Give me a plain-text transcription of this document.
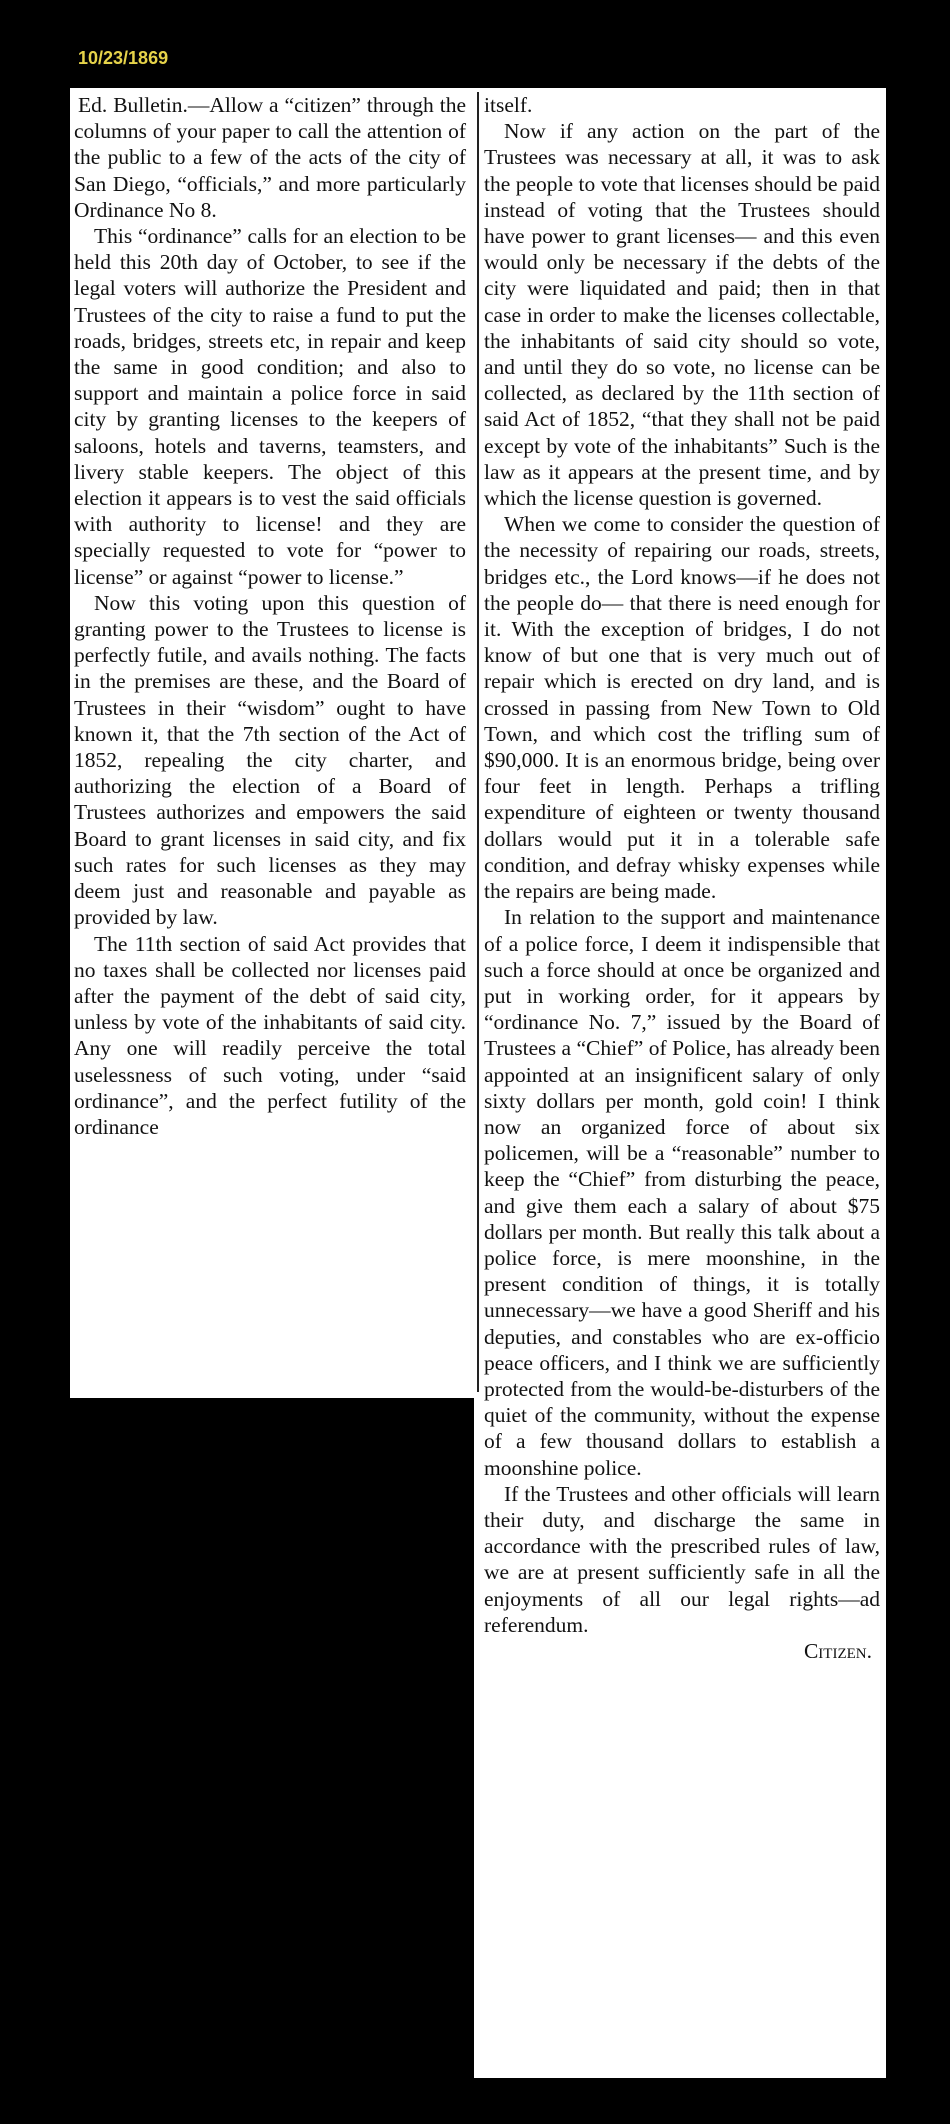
10/23/1869

Ed. Bulletin.—Allow a “citizen” through the columns of your paper to call the attention of the public to a few of the acts of the city of San Diego, “officials,” and more particularly Ordinance No 8.

This “ordinance” calls for an election to be held this 20th day of October, to see if the legal voters will authorize the President and Trustees of the city to raise a fund to put the roads, bridges, streets etc, in repair and keep the same in good condition; and also to support and maintain a police force in said city by granting licenses to the keepers of saloons, hotels and taverns, teamsters, and livery stable keepers. The object of this election it appears is to vest the said officials with authority to license! and they are specially requested to vote for “power to license” or against “power to license.”

Now this voting upon this question of granting power to the Trustees to license is perfectly futile, and avails nothing. The facts in the premises are these, and the Board of Trustees in their “wisdom” ought to have known it, that the 7th section of the Act of 1852, repealing the city charter, and authorizing the election of a Board of Trustees authorizes and empowers the said Board to grant licenses in said city, and fix such rates for such licenses as they may deem just and reasonable and payable as provided by law.

The 11th section of said Act provides that no taxes shall be collected nor licenses paid after the payment of the debt of said city, unless by vote of the inhabitants of said city. Any one will readily perceive the total uselessness of such voting, under “said ordinance”, and the perfect futility of the ordinance

itself.

Now if any action on the part of the Trustees was necessary at all, it was to ask the people to vote that licenses should be paid instead of voting that the Trustees should have power to grant licenses— and this even would only be necessary if the debts of the city were liquidated and paid; then in that case in order to make the licenses collectable, the inhabitants of said city should so vote, and until they do so vote, no license can be collected, as declared by the 11th section of said Act of 1852, “that they shall not be paid except by vote of the inhabitants” Such is the law as it appears at the present time, and by which the license question is governed.

When we come to consider the question of the necessity of repairing our roads, streets, bridges etc., the Lord knows—if he does not the people do— that there is need enough for it. With the exception of bridges, I do not know of but one that is very much out of repair which is erected on dry land, and is crossed in passing from New Town to Old Town, and which cost the trifling sum of $90,000. It is an enormous bridge, being over four feet in length. Perhaps a trifling expenditure of eighteen or twenty thousand dollars would put it in a tolerable safe condition, and defray whisky expenses while the repairs are being made.

In relation to the support and maintenance of a police force, I deem it indispensible that such a force should at once be organized and put in working order, for it appears by “ordinance No. 7,” issued by the Board of Trustees a “Chief” of Police, has already been appointed at an insignificent salary of only sixty dollars per month, gold coin! I think now an organized force of about six policemen, will be a “reasonable” number to keep the “Chief” from disturbing the peace, and give them each a salary of about $75 dollars per month. But really this talk about a police force, is mere moonshine, in the present condition of things, it is totally unnecessary—we have a good Sheriff and his deputies, and constables who are ex-officio peace officers, and I think we are sufficiently protected from the would-be-disturbers of the quiet of the community, without the expense of a few thousand dollars to establish a moonshine police.

If the Trustees and other officials will learn their duty, and discharge the same in accordance with the prescribed rules of law, we are at present sufficiently safe in all the enjoyments of all our legal rights—ad referendum.

Citizen.
